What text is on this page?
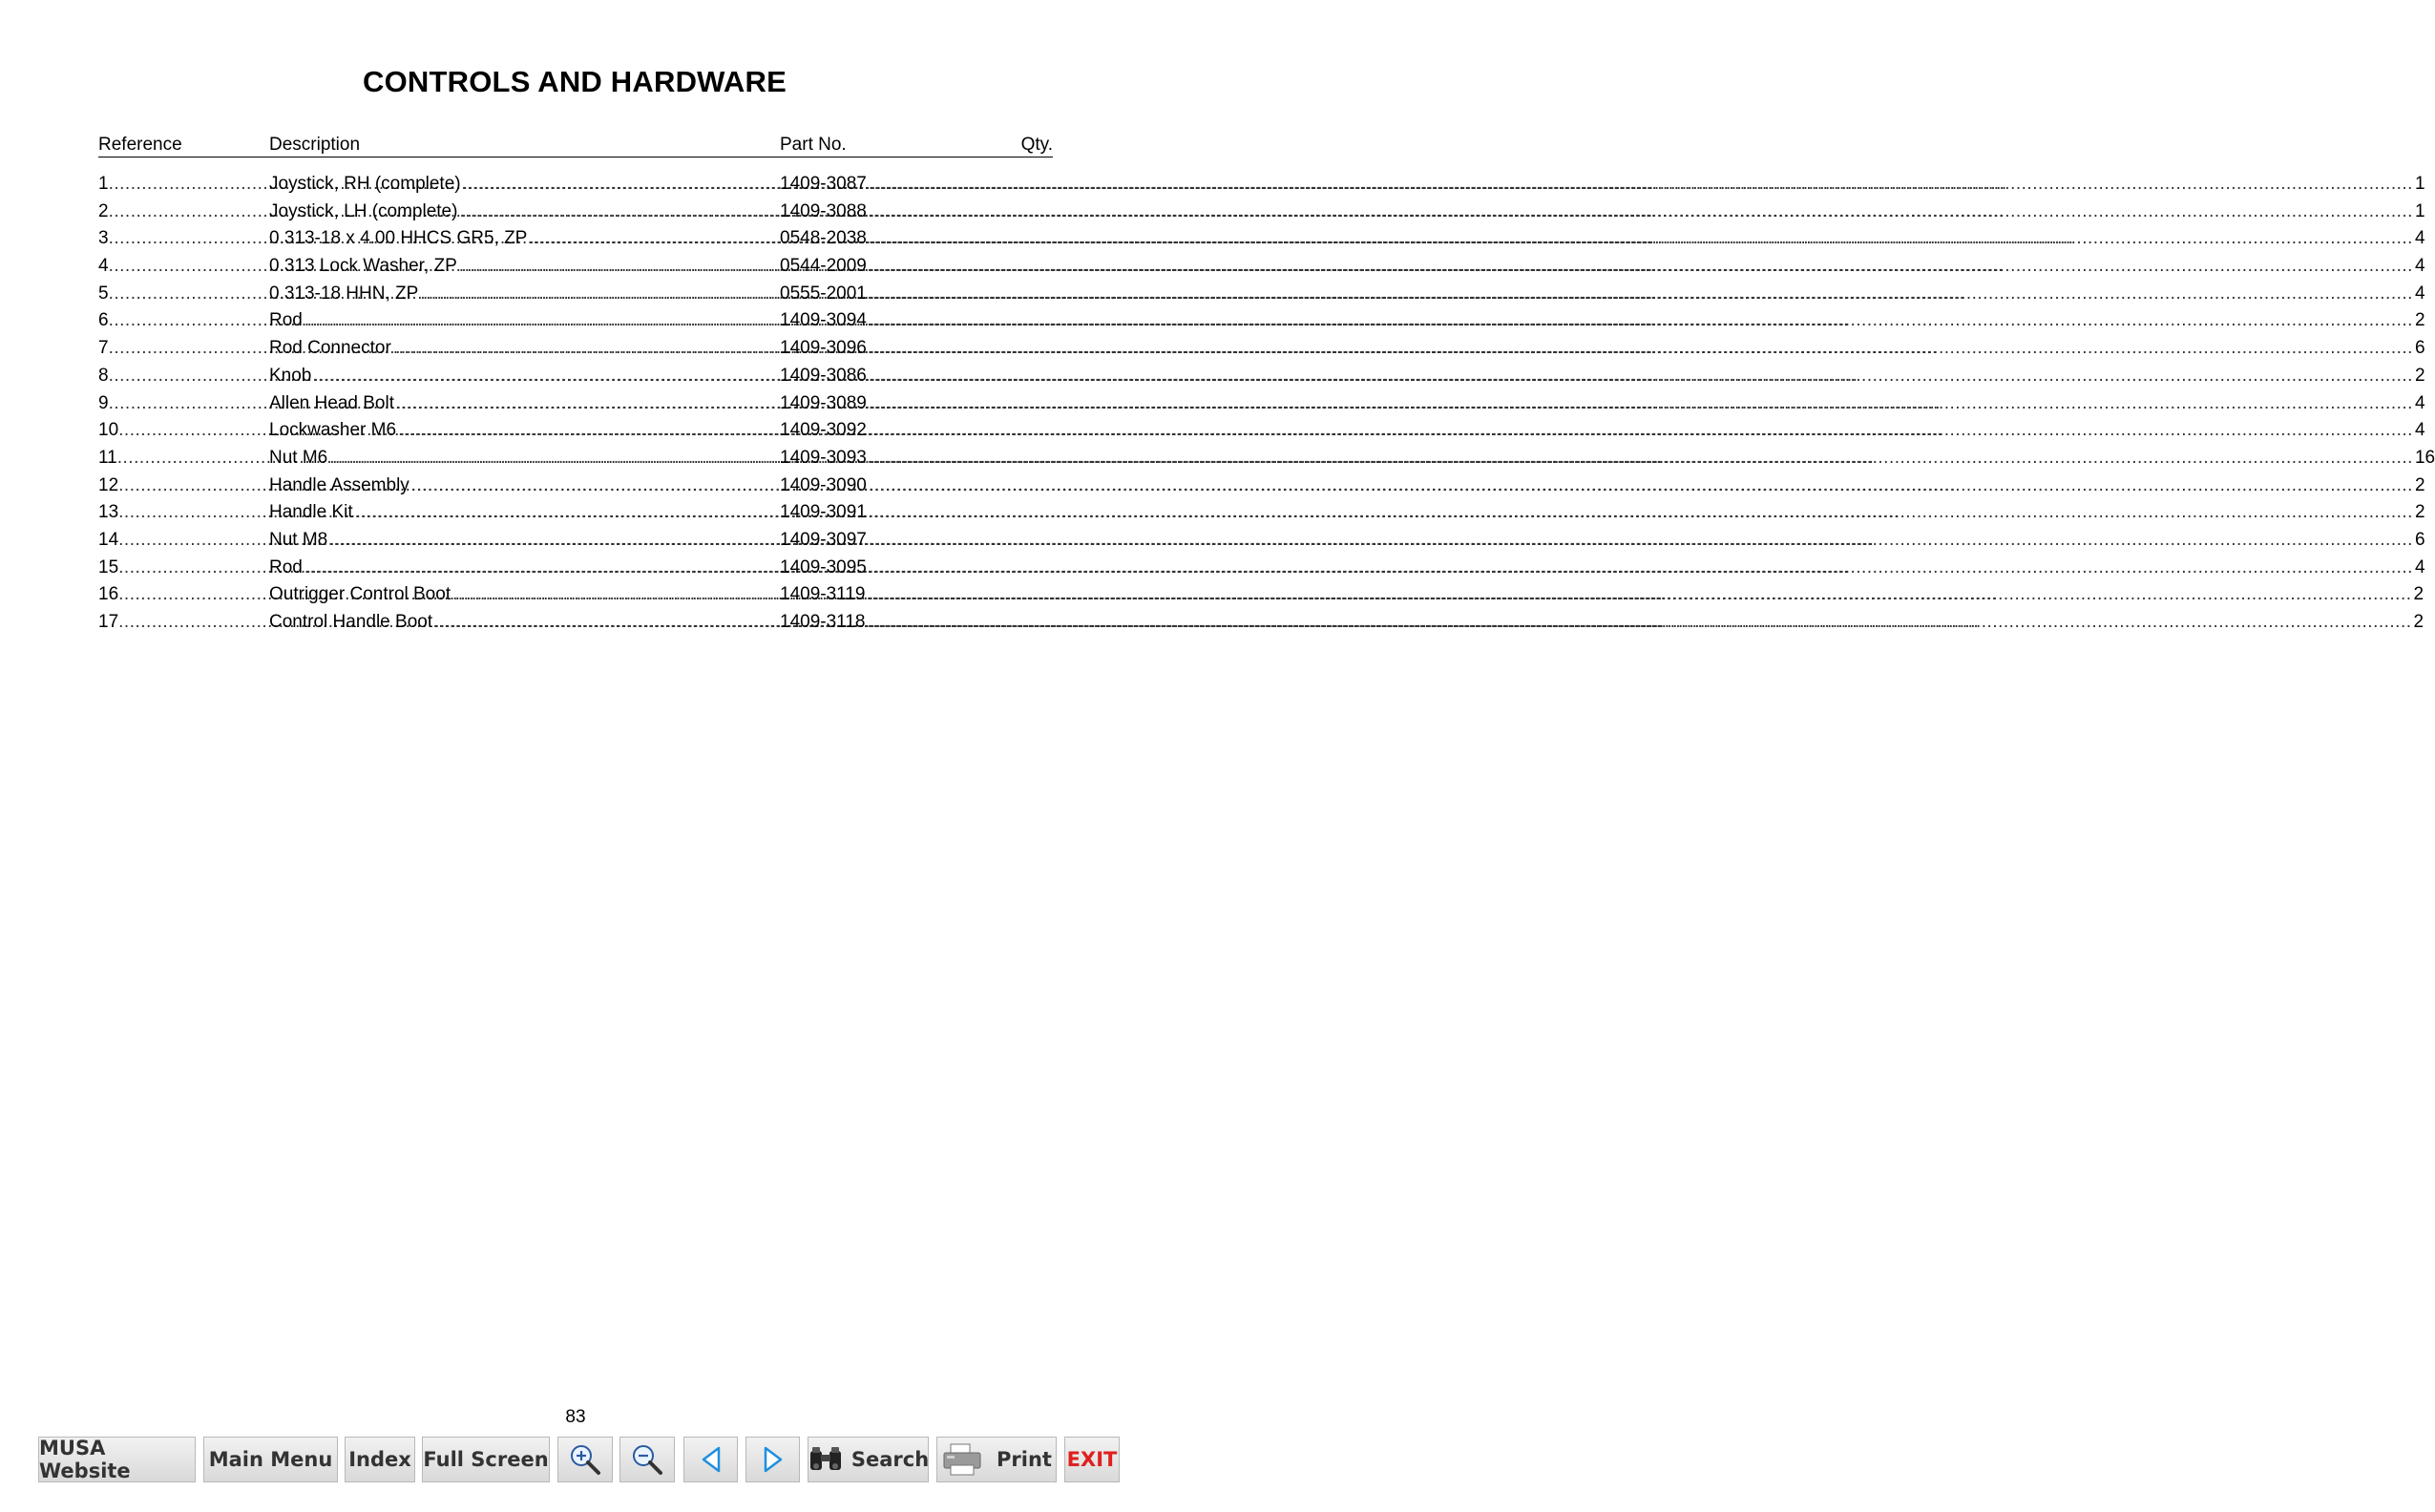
CONTROLS AND HARDWARE
Reference	Description	Part No.	Qty.
1 .....	Joystick, RH (complete) .....	1409-3087 .....	1
2 .....	Joystick, LH (complete) .....	1409-3088 .....	1
3 .....	0.313-18 x 4.00 HHCS GR5, ZP .....	0548-2038 .....	4
4 .....	0.313 Lock Washer, ZP .....	0544-2009 .....	4
5 .....	0.313-18 HHN, ZP .....	0555-2001 .....	4
6 .....	Rod .....	1409-3094 .....	2
7 .....	Rod Connector .....	1409-3096 .....	6
8 .....	Knob .....	1409-3086 .....	2
9 .....	Allen Head Bolt .....	1409-3089 .....	4
10 .....	Lockwasher M6 .....	1409-3092 .....	4
11 .....	Nut M6 .....	1409-3093 .....	16
12 .....	Handle Assembly .....	1409-3090 .....	2
13 .....	Handle Kit .....	1409-3091 .....	2
14 .....	Nut M8 .....	1409-3097 .....	6
15 .....	Rod .....	1409-3095 .....	4
16 .....	Outrigger Control Boot .....	1409-3119 .....	2
17 .....	Control Handle Boot .....	1409-3118 .....	2
83
MUSA Website	Main Menu Index Full Screen	Search	Print EXIT
